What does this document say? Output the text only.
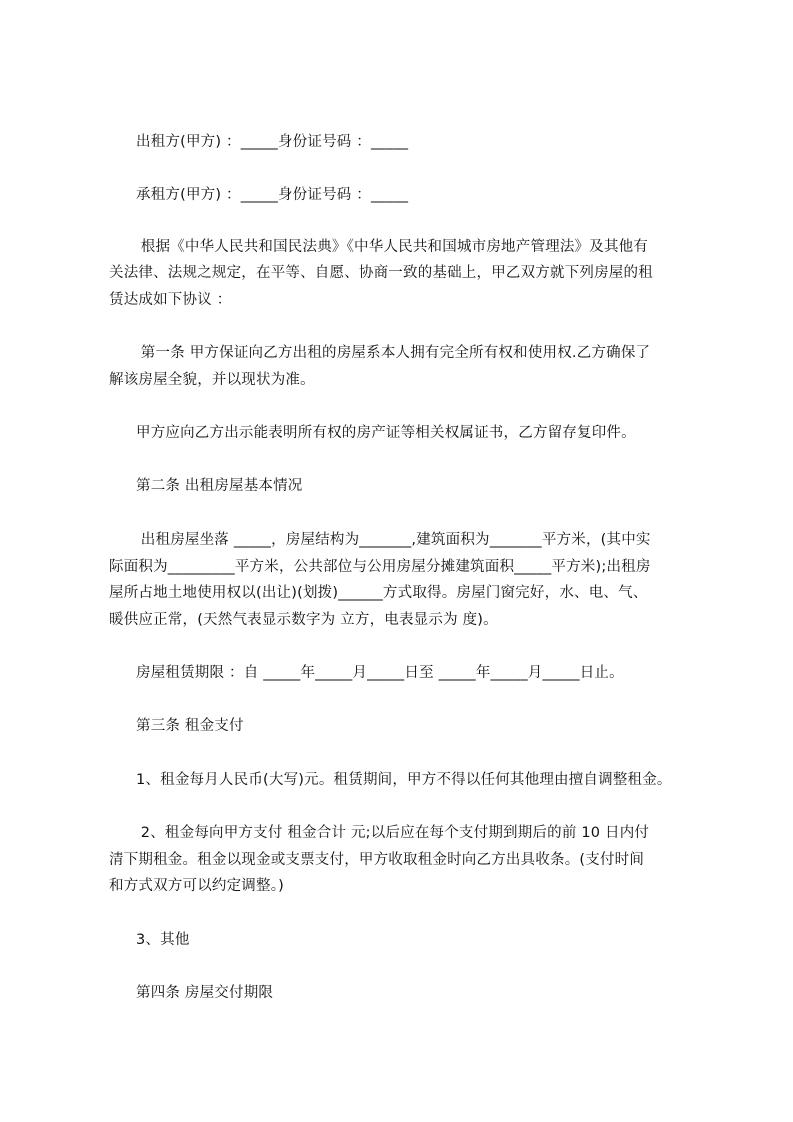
出租方(甲方) ：_____身份证号码 ：_____
承租方(甲方) ：_____身份证号码 ：_____
根据《中华人民共和国民法典》《中华人民共和国城市房地产管理法》及其他有
关法律、法规之规定，在平等、自愿、协商一致的基础上，甲乙双方就下列房屋的租
赁达成如下协议 ：
第一条 甲方保证向乙方出租的房屋系本人拥有完全所有权和使用权.乙方确保了
解该房屋全貌，并以现状为准。
甲方应向乙方出示能表明所有权的房产证等相关权属证书，乙方留存复印件。
第二条 出租房屋基本情况
出租房屋坐落 _____，房屋结构为_______,建筑面积为_______平方米，(其中实
际面积为_________平方米，公共部位与公用房屋分摊建筑面积_____平方米);出租房
屋所占地土地使用权以(出让)(划拨)______方式取得。房屋门窗完好，水、电、气、
暖供应正常，(天然气表显示数字为 立方，电表显示为 度)。
房屋租赁期限 ：自 _____年_____月_____日至 _____年_____月_____日止。
第三条 租金支付
1、租金每月人民币(大写)元。租赁期间，甲方不得以任何其他理由擅自调整租金。
2、租金每向甲方支付 租金合计 元;以后应在每个支付期到期后的前 10 日内付
清下期租金。租金以现金或支票支付，甲方收取租金时向乙方出具收条。(支付时间
和方式双方可以约定调整。)
3、其他
第四条 房屋交付期限
